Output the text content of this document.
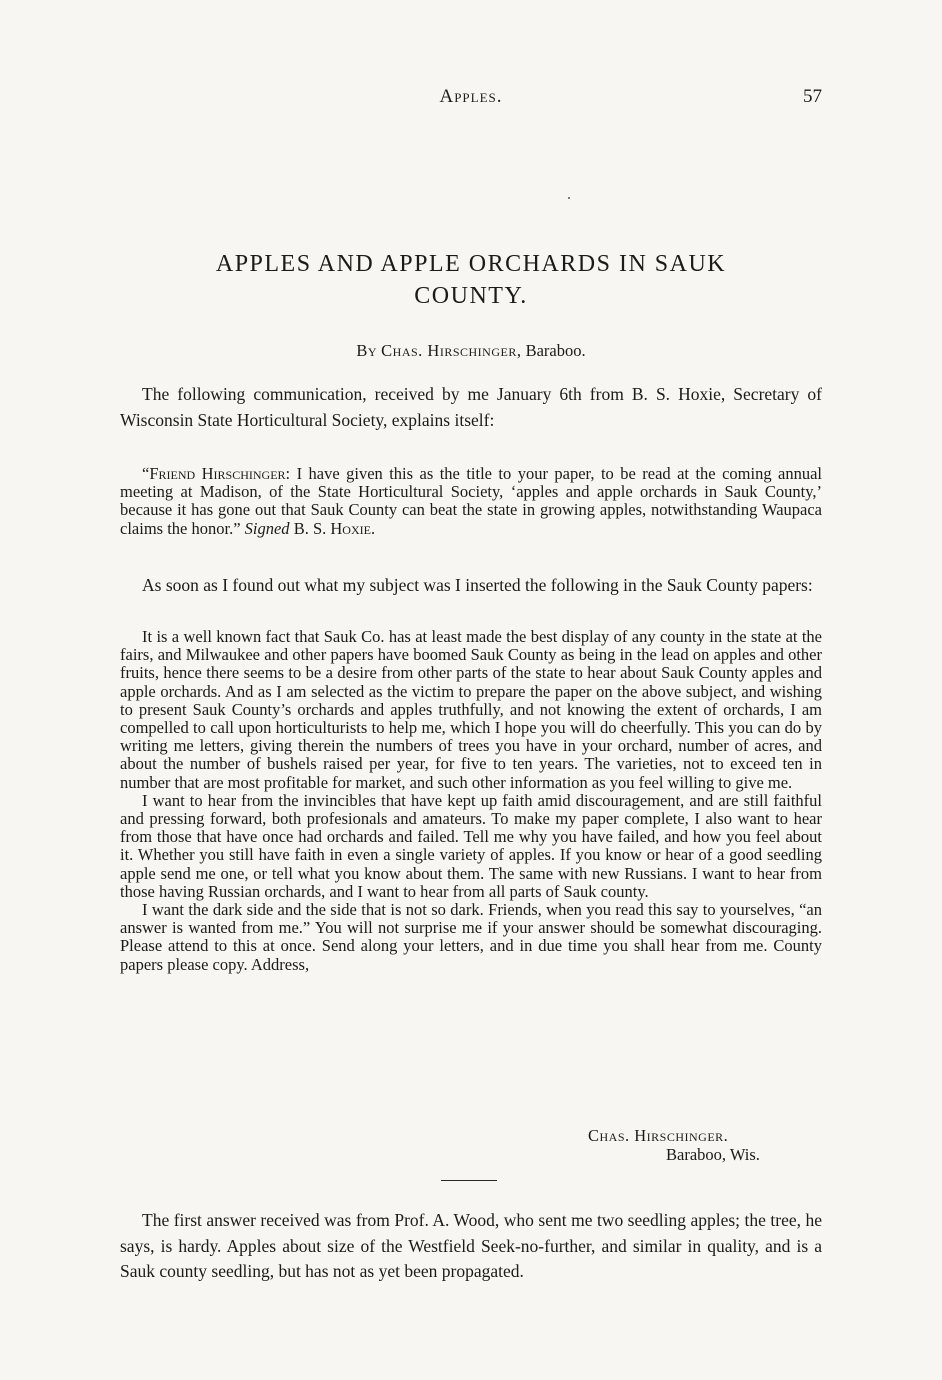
Apples.	57
APPLES AND APPLE ORCHARDS IN SAUK
COUNTY.
By Chas. Hirschinger, Baraboo.

The following communication, received by me January 6th from B. S. Hoxie, Secretary of Wisconsin State Horticultural Society, explains itself:

“Friend Hirschinger: I have given this as the title to your paper, to be read at the coming annual meeting at Madison, of the State Horticultural Society, ‘apples and apple orchards in Sauk County,’ because it has gone out that Sauk County can beat the state in growing apples, notwithstanding Waupaca claims the honor.” Signed B. S. Hoxie.

As soon as I found out what my subject was I inserted the following in the Sauk County papers:

It is a well known fact that Sauk Co. has at least made the best display of any county in the state at the fairs, and Milwaukee and other papers have boomed Sauk County as being in the lead on apples and other fruits, hence there seems to be a desire from other parts of the state to hear about Sauk County apples and apple orchards. And as I am selected as the victim to prepare the paper on the above subject, and wishing to present Sauk County’s orchards and apples truthfully, and not knowing the extent of orchards, I am compelled to call upon horticulturists to help me, which I hope you will do cheerfully. This you can do by writing me letters, giving therein the numbers of trees you have in your orchard, number of acres, and about the number of bushels raised per year, for five to ten years. The varieties, not to exceed ten in number that are most profitable for market, and such other information as you feel willing to give me.

I want to hear from the invincibles that have kept up faith amid discouragement, and are still faithful and pressing forward, both profesionals and amateurs. To make my paper complete, I also want to hear from those that have once had orchards and failed. Tell me why you have failed, and how you feel about it. Whether you still have faith in even a single variety of apples. If you know or hear of a good seedling apple send me one, or tell what you know about them. The same with new Russians. I want to hear from those having Russian orchards, and I want to hear from all parts of Sauk county.

I want the dark side and the side that is not so dark. Friends, when you read this say to yourselves, “an answer is wanted from me.” You will not surprise me if your answer should be somewhat discouraging. Please attend to this at once. Send along your letters, and in due time you shall hear from me. County papers please copy. Address,

Chas. Hirschinger.
Baraboo, Wis.

The first answer received was from Prof. A. Wood, who sent me two seedling apples; the tree, he says, is hardy. Apples about size of the Westfield Seek-no-further, and similar in quality, and is a Sauk county seedling, but has not as yet been propagated.
